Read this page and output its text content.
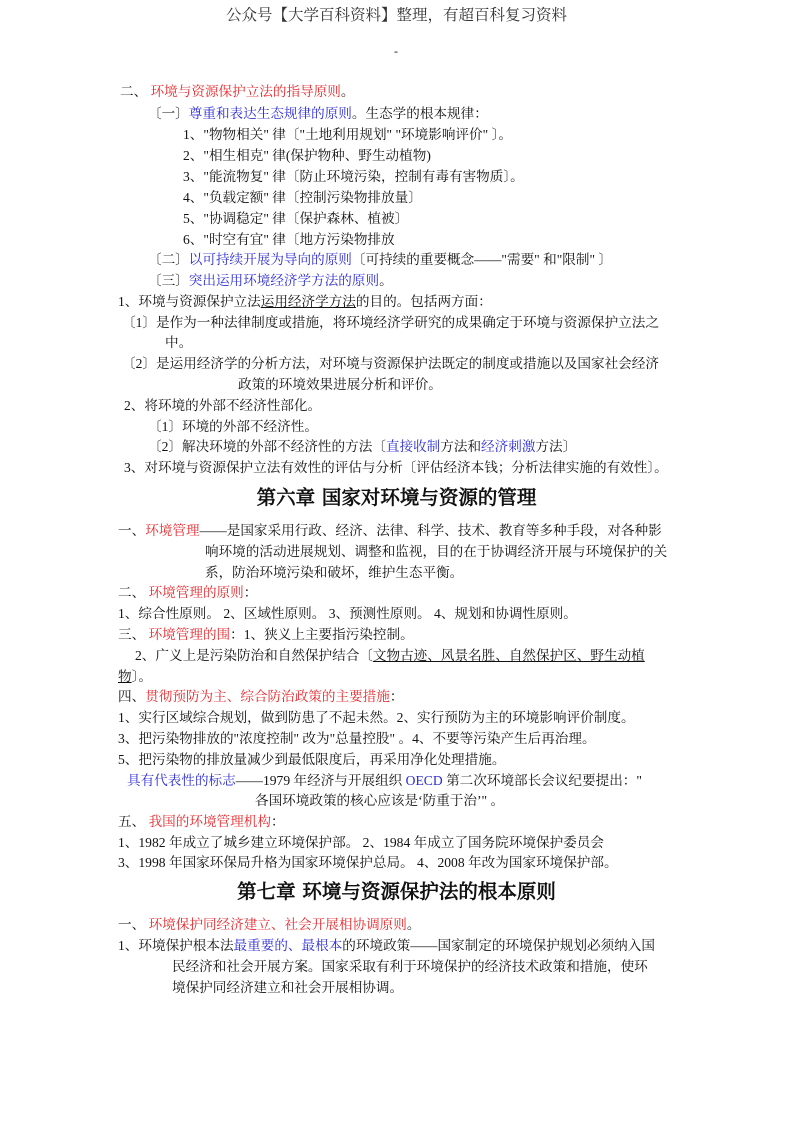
公众号【大学百科资料】整理，有超百科复习资料
-
第六章 国家对环境与资源的管理
第七章 环境与资源保护法的根本原则
二、 环境与资源保护立法的指导原则。
〔一〕尊重和表达生态规律的原则。生态学的根本规律：
1、"物物相关" 律〔"土地利用规划" "环境影响评价" 〕。
2、"相生相克" 律(保护物种、野生动植物)
3、"能流物复" 律〔防止环境污染，控制有毒有害物质〕。
4、"负载定额" 律〔控制污染物排放量〕
5、"协调稳定" 律〔保护森林、植被〕
6、"时空有宜" 律〔地方污染物排放
〔二〕以可持续开展为导向的原则〔可持续的重要概念——"需要" 和"限制" 〕
〔三〕突出运用环境经济学方法的原则。
1、环境与资源保护立法运用经济学方法的目的。包括两方面：
〔1〕是作为一种法律制度或措施，将环境经济学研究的成果确定于环境与资源保护立法之
中。
〔2〕是运用经济学的分析方法，对环境与资源保护法既定的制度或措施以及国家社会经济
政策的环境效果进展分析和评价。
2、将环境的外部不经济性部化。
〔1〕环境的外部不经济性。
〔2〕解决环境的外部不经济性的方法〔直接收制方法和经济刺激方法〕
3、对环境与资源保护立法有效性的评估与分析〔评估经济本钱；分析法律实施的有效性〕。
一、环境管理——是国家采用行政、经济、法律、科学、技术、教育等多种手段，对各种影
响环境的活动进展规划、调整和监视，目的在于协调经济开展与环境保护的关
系，防治环境污染和破坏，维护生态平衡。
二、 环境管理的原则：
1、综合性原则。 2、区域性原则。 3、预测性原则。 4、规划和协调性原则。
三、 环境管理的围：1、狭义上主要指污染控制。
2、广义上是污染防治和自然保护结合〔文物古迹、风景名胜、自然保护区、野生动植
物〕。
四、贯彻预防为主、综合防治政策的主要措施：
1、实行区域综合规划，做到防患了不起未然。2、实行预防为主的环境影响评价制度。
3、把污染物排放的"浓度控制" 改为"总量控股" 。4、不要等污染产生后再治理。
5、把污染物的排放量减少到最低限度后，再采用净化处理措施。
具有代表性的标志——1979 年经济与开展组织 OECD 第二次环境部长会议纪要提出："
各国环境政策的核心应该是‘防重于治’" 。
五、 我国的环境管理机构：
1、1982 年成立了城乡建立环境保护部。 2、1984 年成立了国务院环境保护委员会
3、1998 年国家环保局升格为国家环境保护总局。 4、2008 年改为国家环境保护部。
一、 环境保护同经济建立、社会开展相协调原则。
1、环境保护根本法最重要的、最根本的环境政策——国家制定的环境保护规划必须纳入国
民经济和社会开展方案。国家采取有利于环境保护的经济技术政策和措施，使环
境保护同经济建立和社会开展相协调。
